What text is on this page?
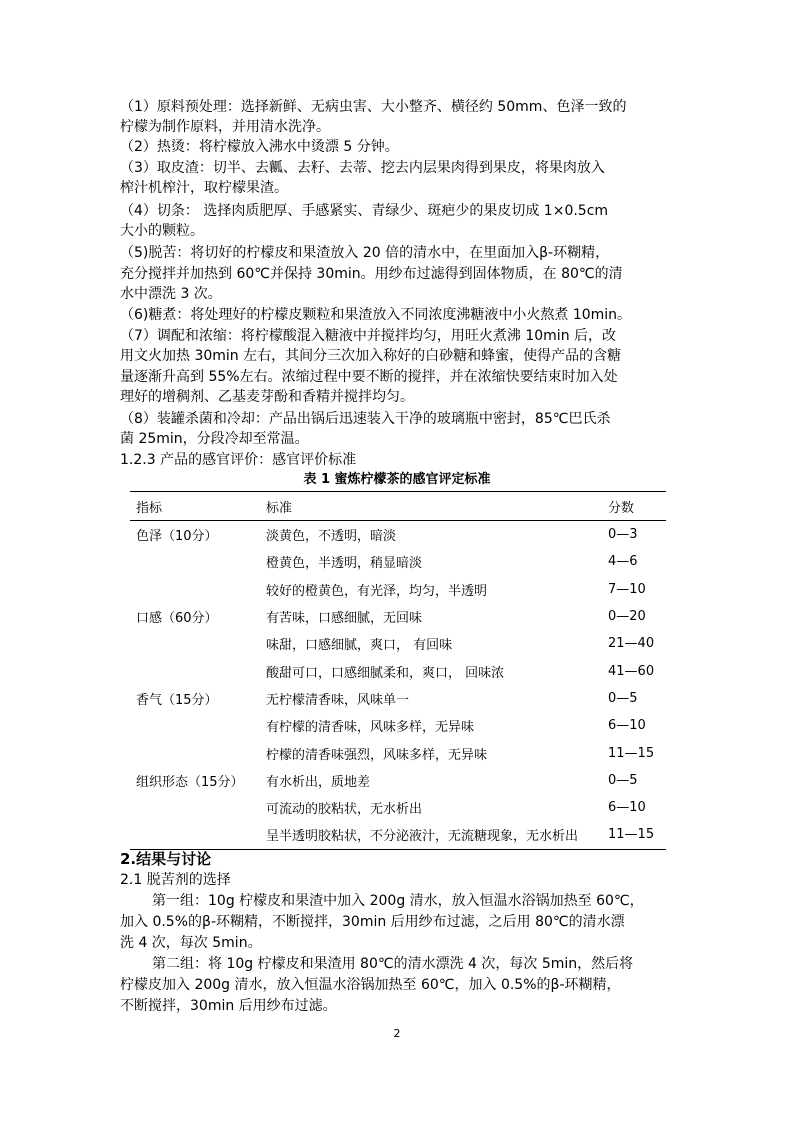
（1）原料预处理：选择新鲜、无病虫害、大小整齐、横径约 50mm、色泽一致的
柠檬为制作原料，并用清水洗净。
（2）热烫：将柠檬放入沸水中烫漂 5 分钟。
（3）取皮渣：切半、去瓤、去籽、去蒂、挖去内层果肉得到果皮，将果肉放入
榨汁机榨汁，取柠檬果渣。
（4）切条： 选择肉质肥厚、手感紧实、青绿少、斑疤少的果皮切成 1×0.5cm
大小的颗粒。
（5)脱苦：将切好的柠檬皮和果渣放入 20 倍的清水中，在里面加入β-环糊精，
充分搅拌并加热到 60℃并保持 30min。用纱布过滤得到固体物质，在 80℃的清
水中漂洗 3 次。
（6)糖煮：将处理好的柠檬皮颗粒和果渣放入不同浓度沸糖液中小火熬煮 10min。
（7）调配和浓缩：将柠檬酸混入糖液中并搅拌均匀，用旺火煮沸 10min 后，改
用文火加热 30min 左右，其间分三次加入称好的白砂糖和蜂蜜，使得产品的含糖
量逐渐升高到 55%左右。浓缩过程中要不断的搅拌，并在浓缩快要结束时加入处
理好的增稠剂、乙基麦芽酚和香精并搅拌均匀。
（8）装罐杀菌和冷却：产品出锅后迅速装入干净的玻璃瓶中密封，85℃巴氏杀
菌 25min，分段冷却至常温。
1.2.3 产品的感官评价：感官评价标准
表 1 蜜炼柠檬茶的感官评定标准
指标	标准	分数
色泽（10分）	淡黄色，不透明，暗淡	0—3
	橙黄色，半透明，稍显暗淡	4—6
	较好的橙黄色，有光泽，均匀，半透明	7—10
口感（60分）	有苦味，口感细腻，无回味	0—20
	味甜，口感细腻，爽口， 有回味	21—40
	酸甜可口，口感细腻柔和，爽口， 回味浓	41—60
香气（15分）	无柠檬清香味，风味单一	0—5
	有柠檬的清香味，风味多样，无异味	6—10
	柠檬的清香味强烈，风味多样，无异味	11—15
组织形态（15分）	有水析出，质地差	0—5
	可流动的胶粘状，无水析出	6—10
	呈半透明胶粘状，不分泌液汁，无流糖现象，无水析出	11—15
2.结果与讨论
2.1 脱苦剂的选择
第一组：10g 柠檬皮和果渣中加入 200g 清水，放入恒温水浴锅加热至 60℃，
加入 0.5%的β-环糊精，不断搅拌，30min 后用纱布过滤，之后用 80℃的清水漂
洗 4 次，每次 5min。
第二组：将 10g 柠檬皮和果渣用 80℃的清水漂洗 4 次，每次 5min，然后将
柠檬皮加入 200g 清水，放入恒温水浴锅加热至 60℃，加入 0.5%的β-环糊精，
不断搅拌，30min 后用纱布过滤。
2
